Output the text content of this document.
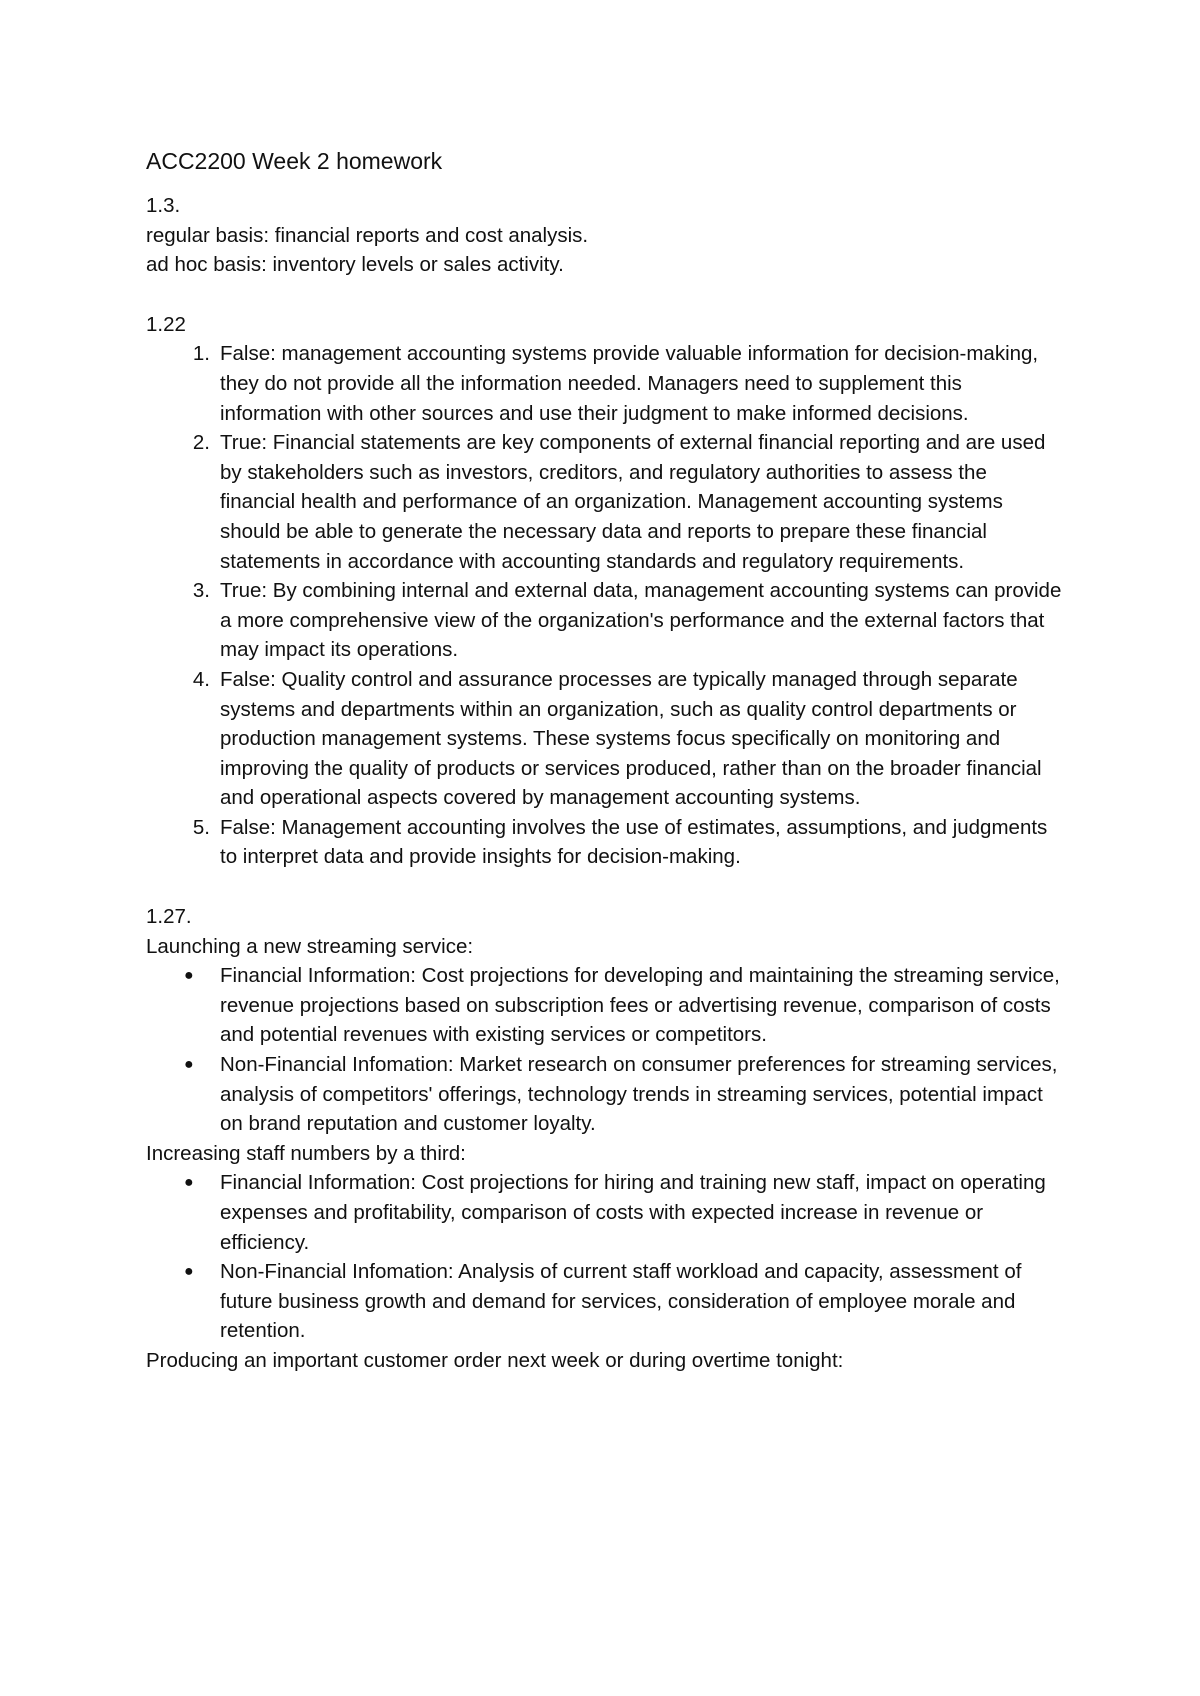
ACC2200 Week 2 homework

1.3.

regular basis: financial reports and cost analysis.

ad hoc basis: inventory levels or sales activity.

1.22

1. False: management accounting systems provide valuable information for decision-making, they do not provide all the information needed. Managers need to supplement this information with other sources and use their judgment to make informed decisions.
2. True: Financial statements are key components of external financial reporting and are used by stakeholders such as investors, creditors, and regulatory authorities to assess the financial health and performance of an organization. Management accounting systems should be able to generate the necessary data and reports to prepare these financial statements in accordance with accounting standards and regulatory requirements.
3. True: By combining internal and external data, management accounting systems can provide a more comprehensive view of the organization's performance and the external factors that may impact its operations.
4. False: Quality control and assurance processes are typically managed through separate systems and departments within an organization, such as quality control departments or production management systems. These systems focus specifically on monitoring and improving the quality of products or services produced, rather than on the broader financial and operational aspects covered by management accounting systems.
5. False: Management accounting involves the use of estimates, assumptions, and judgments to interpret data and provide insights for decision-making.

1.27.

Launching a new streaming service:

● Financial Information: Cost projections for developing and maintaining the streaming service, revenue projections based on subscription fees or advertising revenue, comparison of costs and potential revenues with existing services or competitors.
● Non-Financial Infomation: Market research on consumer preferences for streaming services, analysis of competitors' offerings, technology trends in streaming services, potential impact on brand reputation and customer loyalty.

Increasing staff numbers by a third:

● Financial Information: Cost projections for hiring and training new staff, impact on operating expenses and profitability, comparison of costs with expected increase in revenue or efficiency.
● Non-Financial Infomation: Analysis of current staff workload and capacity, assessment of future business growth and demand for services, consideration of employee morale and retention.

Producing an important customer order next week or during overtime tonight:
